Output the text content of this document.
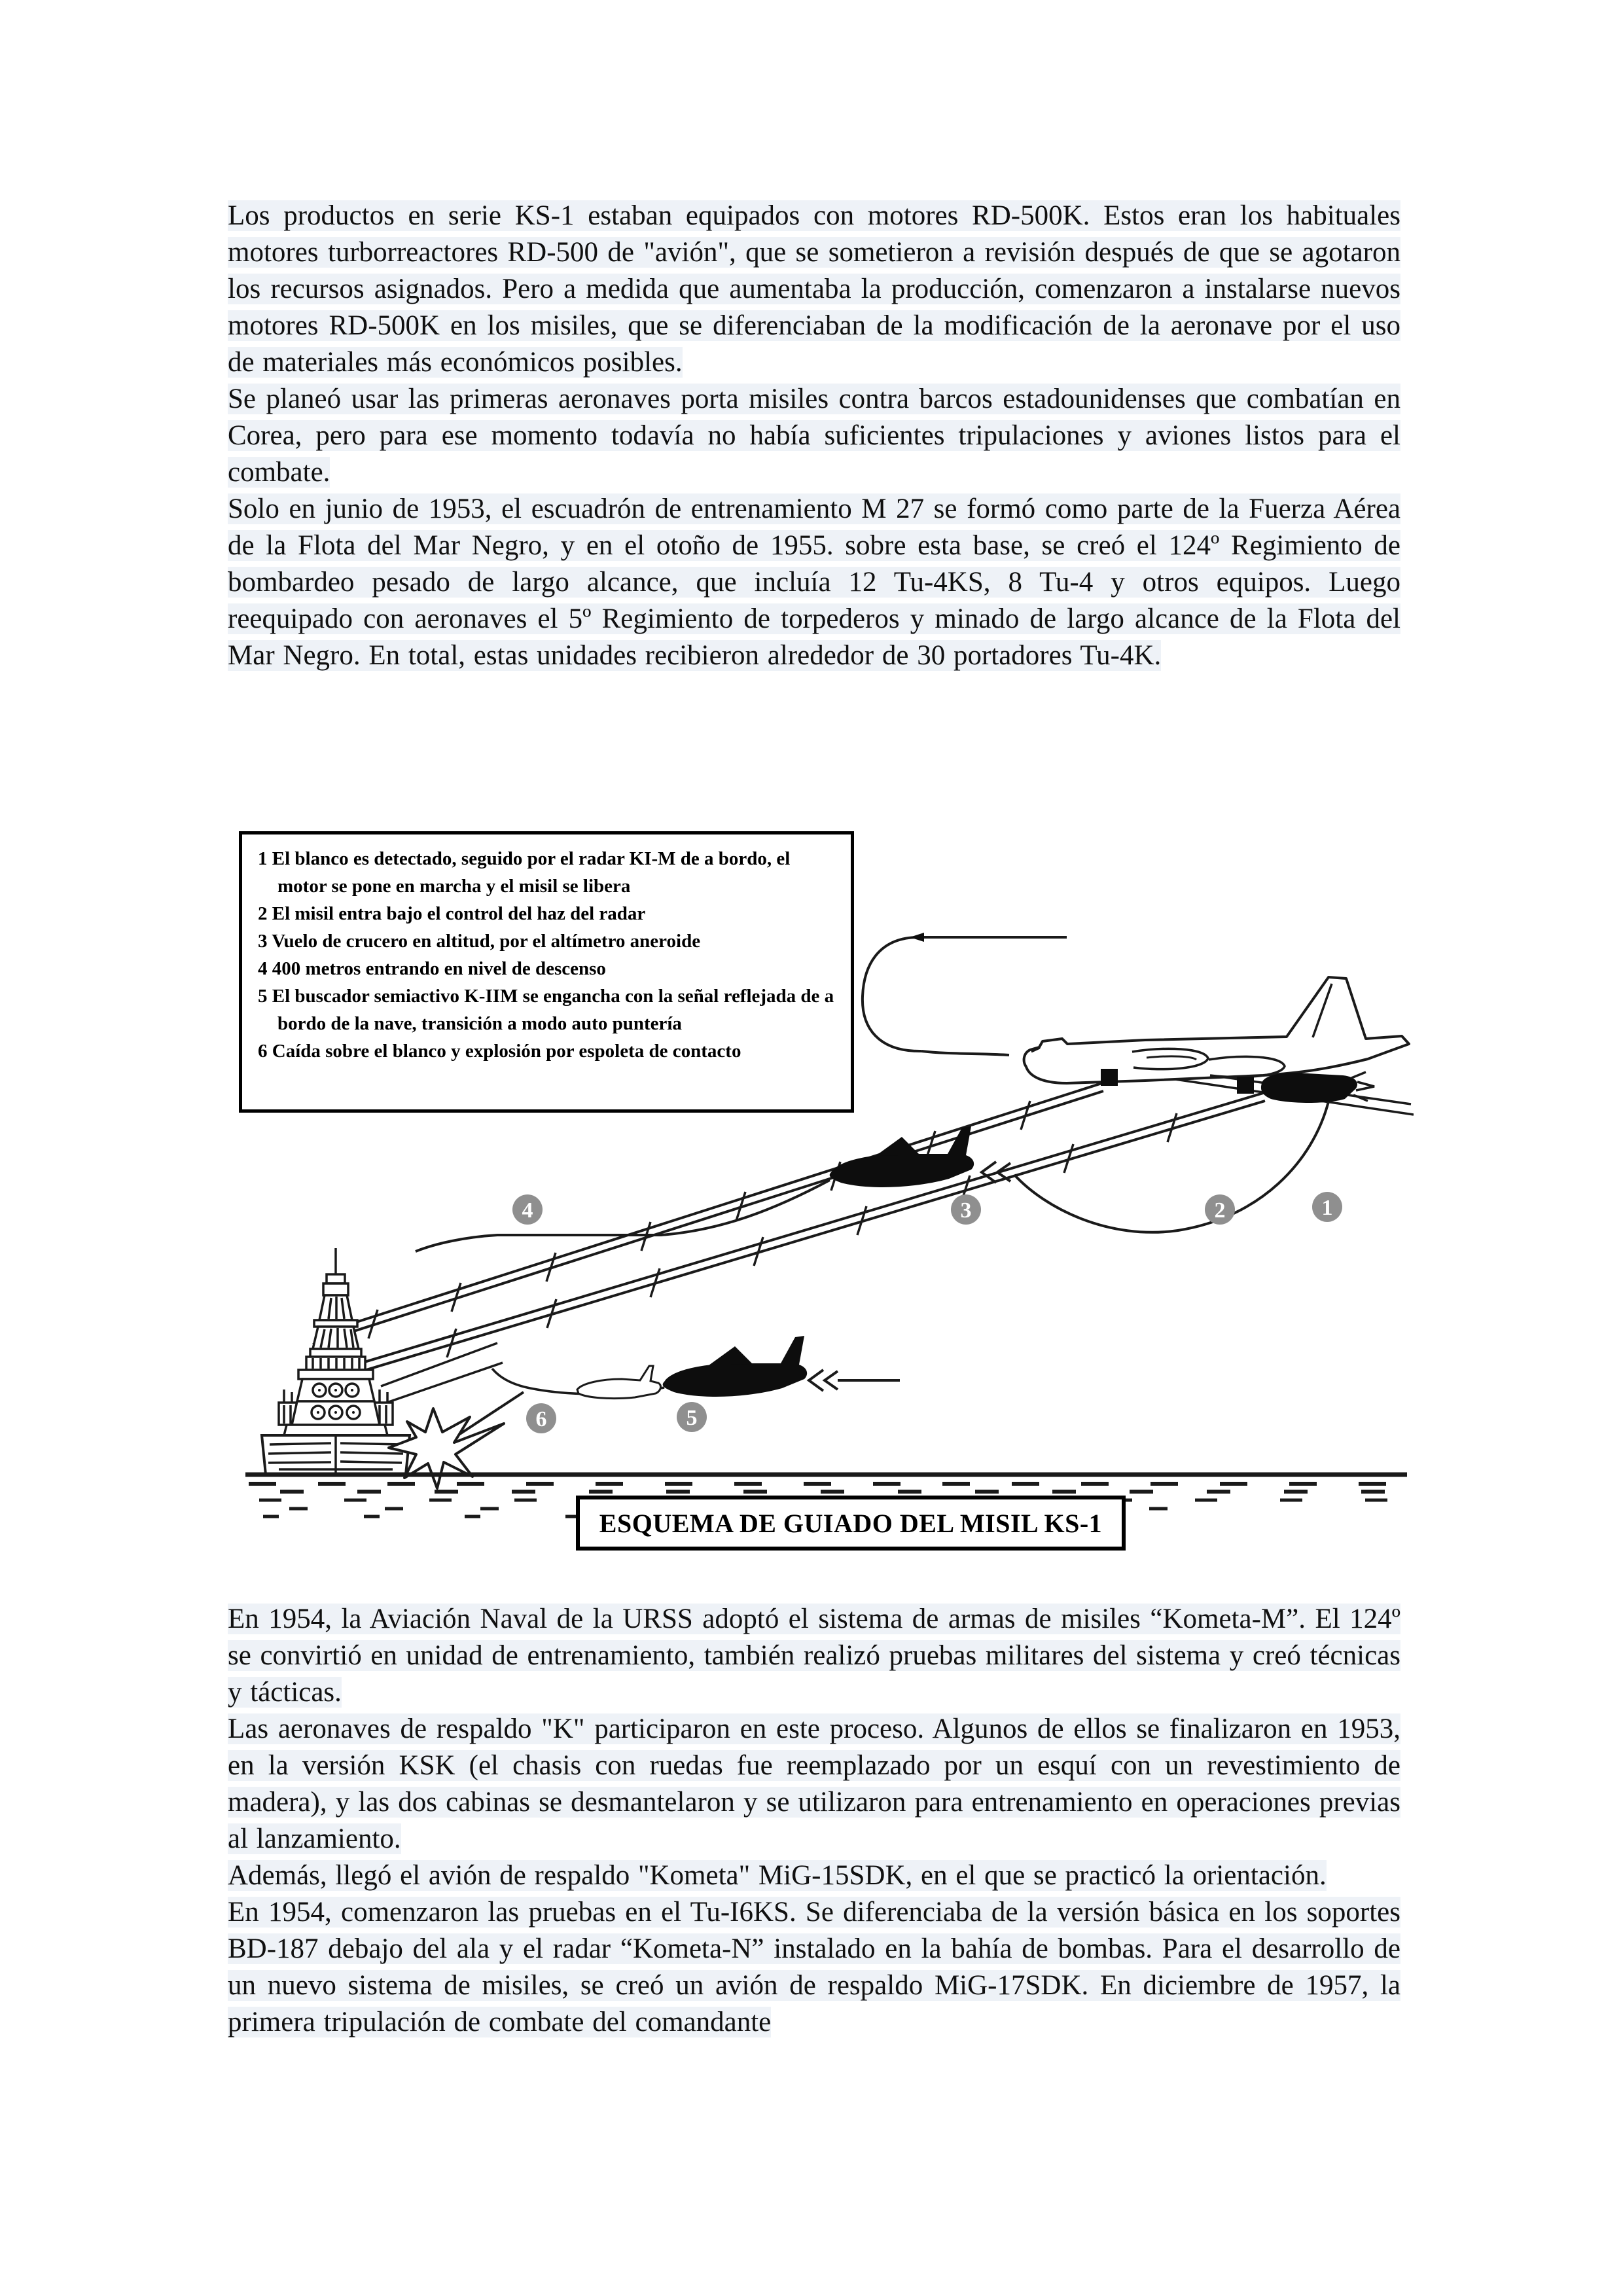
Los productos en serie KS-1 estaban equipados con motores RD-500K. Estos eran los habituales motores turborreactores RD-500 de "avión", que se sometieron a revisión después de que se agotaron los recursos asignados. Pero a medida que aumentaba la producción, comenzaron a instalarse nuevos motores RD-500K en los misiles, que se diferenciaban de la modificación de la aeronave por el uso de materiales más económicos posibles.

Se planeó usar las primeras aeronaves porta misiles contra barcos estadounidenses que combatían en Corea, pero para ese momento todavía no había suficientes tripulaciones y aviones listos para el combate.

Solo en junio de 1953, el escuadrón de entrenamiento M 27 se formó como parte de la Fuerza Aérea de la Flota del Mar Negro, y en el otoño de 1955. sobre esta base, se creó el 124º Regimiento de bombardeo pesado de largo alcance, que incluía 12 Tu-4KS, 8 Tu-4 y otros equipos. Luego reequipado con aeronaves el 5º Regimiento de torpederos y minado de largo alcance de la Flota del Mar Negro. En total, estas unidades recibieron alrededor de 30 portadores Tu-4K.

4	3	2	1
6	5
1 El blanco es detectado, seguido por el radar KI-M de a bordo, el motor se pone en marcha y el misil se libera
2 El misil entra bajo el control del haz del radar
3 Vuelo de crucero en altitud, por el altímetro aneroide
4 400 metros entrando en nivel de descenso
5 El buscador semiactivo K-IIM se engancha con la señal reflejada de a bordo de la nave, transición a modo auto puntería
6 Caída sobre el blanco y explosión por espoleta de contacto
ESQUEMA DE GUIADO DEL MISIL KS-1

En 1954, la Aviación Naval de la URSS adoptó el sistema de armas de misiles “Kometa-M”. El 124º se convirtió en unidad de entrenamiento, también realizó pruebas militares del sistema y creó técnicas y tácticas.

Las aeronaves de respaldo "K" participaron en este proceso. Algunos de ellos se finalizaron en 1953, en la versión KSK (el chasis con ruedas fue reemplazado por un esquí con un revestimiento de madera), y las dos cabinas se desmantelaron y se utilizaron para entrenamiento en operaciones previas al lanzamiento.

Además, llegó el avión de respaldo "Kometa" MiG-15SDK, en el que se practicó la orientación.

En 1954, comenzaron las pruebas en el Tu-I6KS. Se diferenciaba de la versión básica en los soportes BD-187 debajo del ala y el radar “Kometa-N” instalado en la bahía de bombas. Para el desarrollo de un nuevo sistema de misiles, se creó un avión de respaldo MiG-17SDK. En diciembre de 1957, la primera tripulación de combate del comandante
